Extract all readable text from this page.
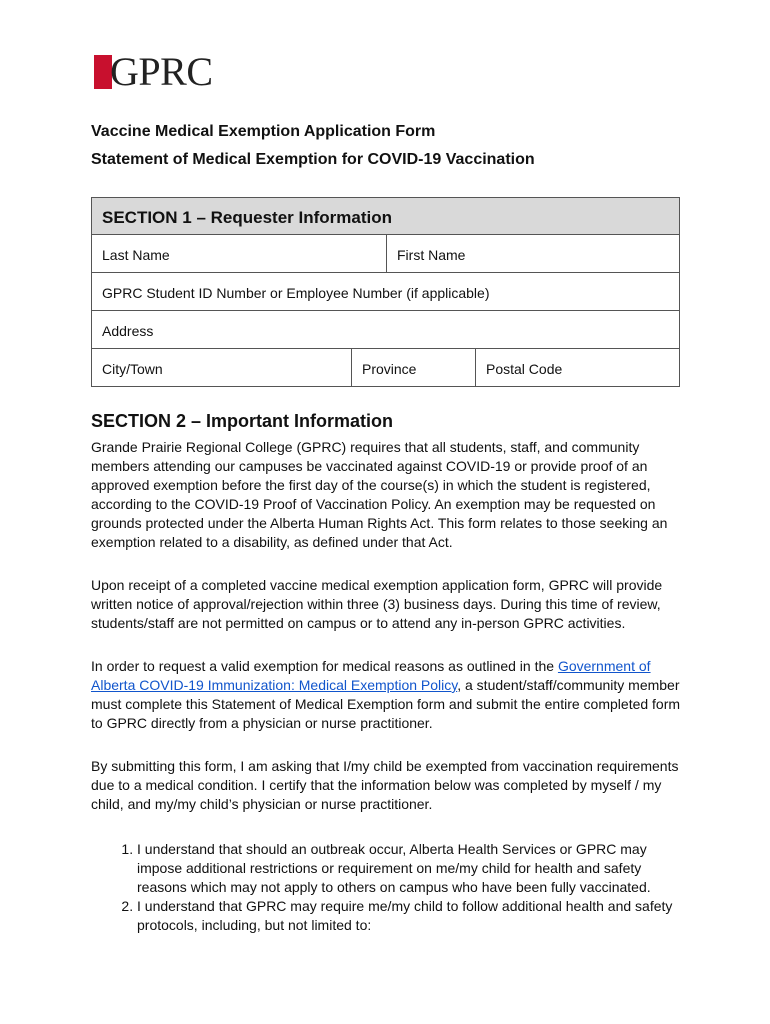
GPRC
Vaccine Medical Exemption Application Form
Statement of Medical Exemption for COVID-19 Vaccination
SECTION 1 – Requester Information
Last Name	First Name
GPRC Student ID Number or Employee Number (if applicable)
Address
City/Town	Province	Postal Code
SECTION 2 – Important Information

Grande Prairie Regional College (GPRC) requires that all students, staff, and community members attending our campuses be vaccinated against COVID-19 or provide proof of an approved exemption before the first day of the course(s) in which the student is registered, according to the COVID-19 Proof of Vaccination Policy. An exemption may be requested on grounds protected under the Alberta Human Rights Act. This form relates to those seeking an exemption related to a disability, as defined under that Act.

Upon receipt of a completed vaccine medical exemption application form, GPRC will provide written notice of approval/rejection within three (3) business days. During this time of review, students/staff are not permitted on campus or to attend any in-person GPRC activities.

In order to request a valid exemption for medical reasons as outlined in the Government of Alberta COVID-19 Immunization: Medical Exemption Policy, a student/staff/community member must complete this Statement of Medical Exemption form and submit the entire completed form to GPRC directly from a physician or nurse practitioner.

By submitting this form, I am asking that I/my child be exempted from vaccination requirements due to a medical condition. I certify that the information below was completed by myself / my child, and my/my child’s physician or nurse practitioner.

1. I understand that should an outbreak occur, Alberta Health Services or GPRC may impose additional restrictions or requirement on me/my child for health and safety reasons which may not apply to others on campus who have been fully vaccinated.
2. I understand that GPRC may require me/my child to follow additional health and safety protocols, including, but not limited to:
